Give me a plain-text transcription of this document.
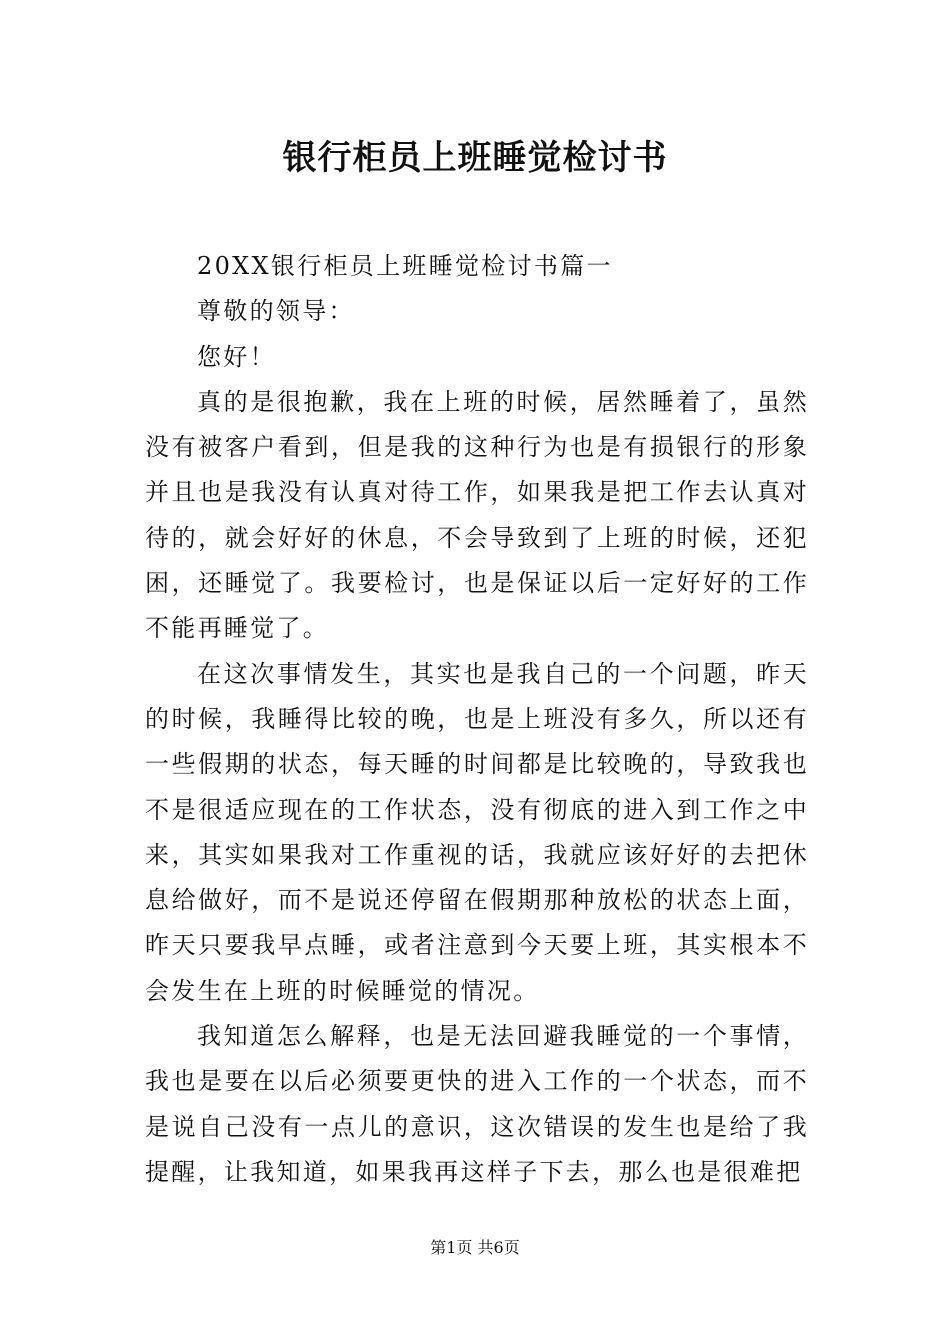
银行柜员上班睡觉检讨书

20XX银行柜员上班睡觉检讨书篇一

尊敬的领导：

您好！

真的是很抱歉，我在上班的时候，居然睡着了，虽然没有被客户看到，但是我的这种行为也是有损银行的形象并且也是我没有认真对待工作，如果我是把工作去认真对待的，就会好好的休息，不会导致到了上班的时候，还犯困，还睡觉了。我要检讨，也是保证以后一定好好的工作不能再睡觉了。

在这次事情发生，其实也是我自己的一个问题，昨天的时候，我睡得比较的晚，也是上班没有多久，所以还有一些假期的状态，每天睡的时间都是比较晚的，导致我也不是很适应现在的工作状态，没有彻底的进入到工作之中来，其实如果我对工作重视的话，我就应该好好的去把休息给做好，而不是说还停留在假期那种放松的状态上面，昨天只要我早点睡，或者注意到今天要上班，其实根本不会发生在上班的时候睡觉的情况。

我知道怎么解释，也是无法回避我睡觉的一个事情，我也是要在以后必须要更快的进入工作的一个状态，而不是说自己没有一点儿的意识，这次错误的发生也是给了我提醒，让我知道，如果我再这样子下去，那么也是很难把

第1页 共6页
